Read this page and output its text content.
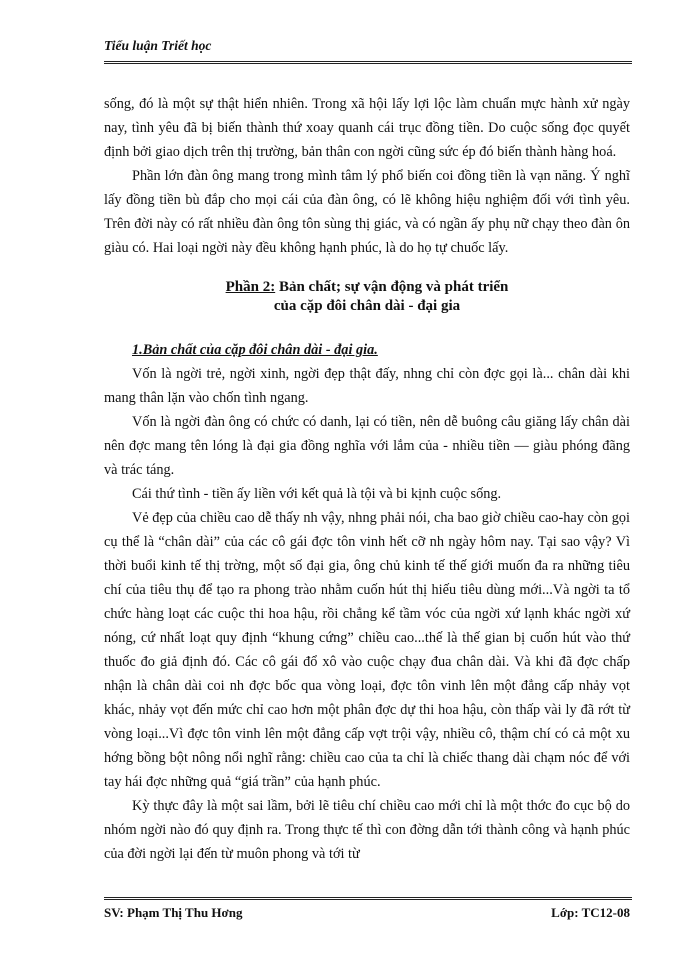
Tiểu luận Triết học

sống, đó là một sự thật hiển nhiên. Trong xã hội lấy lợi lộc làm chuẩn mực hành xử ngày nay, tình yêu đã bị biến thành thứ xoay quanh cái trục đồng tiền. Do cuộc sống đọc quyết định bởi giao dịch trên thị trường, bản thân con ngời cũng sức ép đó biến thành hàng hoá.

Phần lớn đàn ông mang trong mình tâm lý phổ biến coi đồng tiền là vạn năng. Ý nghĩ lấy đồng tiền bù đắp cho mọi cái của đàn ông, có lẽ không hiệu nghiệm đối với tình yêu. Trên đời này có rất nhiều đàn ông tôn sùng thị giác, và có ngần ấy phụ nữ chạy theo đàn ôn giàu có. Hai loại ngời này đều không hạnh phúc, là do họ tự chuốc lấy.

Phần 2: Bản chất; sự vận động và phát triển
của cặp đôi chân dài - đại gia

1.Bản chất của cặp đôi chân dài - đại gia.

Vốn là ngời trẻ, ngời xinh, ngời đẹp thật đấy, nhng chỉ còn đợc gọi là... chân dài khi mang thân lặn vào chốn tình ngang.

Vốn là ngời đàn ông có chức có danh, lại có tiền, nên dễ buông câu giăng lấy chân dài nên đợc mang tên lóng là đại gia đồng nghĩa với lắm của - nhiều tiền — giàu phóng đãng và trác táng.

Cái thứ tình - tiền ấy liền với kết quả là tội và bi kịnh cuộc sống.

Vẻ đẹp của chiều cao dễ thấy nh vậy, nhng phải nói, cha bao giờ chiều cao-hay còn gọi cụ thể là “chân dài” của các cô gái đợc tôn vinh hết cỡ nh ngày hôm nay. Tại sao vậy? Vì thời buổi kinh tế thị trờng, một số đại gia, ông chủ kinh tế thế giới muốn đa ra những tiêu chí của tiêu thụ để tạo ra phong trào nhằm cuốn hút thị hiếu tiêu dùng mới...Và ngời ta tổ chức hàng loạt các cuộc thi hoa hậu, rồi chẳng kể tầm vóc của ngời xứ lạnh khác ngời xứ nóng, cứ nhất loạt quy định “khung cứng” chiều cao...thế là thế gian bị cuốn hút vào thứ thuốc đo giả định đó. Các cô gái đổ xô vào cuộc chạy đua chân dài. Và khi đã đợc chấp nhận là chân dài coi nh đợc bốc qua vòng loại, đợc tôn vinh lên một đẳng cấp nhảy vọt khác, nhảy vọt đến mức chỉ cao hơn một phân đợc dự thi hoa hậu, còn thấp vài ly đã rớt từ vòng loại...Vì đợc tôn vinh lên một đẳng cấp vợt trội vậy, nhiều cô, thậm chí có cả một xu hớng bồng bột nông nổi nghĩ rằng: chiều cao của ta chỉ là chiếc thang dài chạm nóc để với tay hái đợc những quả “giá trần” của hạnh phúc.

Kỳ thực đây là một sai lầm, bởi lẽ tiêu chí chiều cao mới chỉ là một thớc đo cục bộ do nhóm ngời nào đó quy định ra. Trong thực tế thì con đờng dẫn tới thành công và hạnh phúc của đời ngời lại đến từ muôn phong và tới từ

SV: Phạm Thị Thu Hơng	Lớp: TC12-08
